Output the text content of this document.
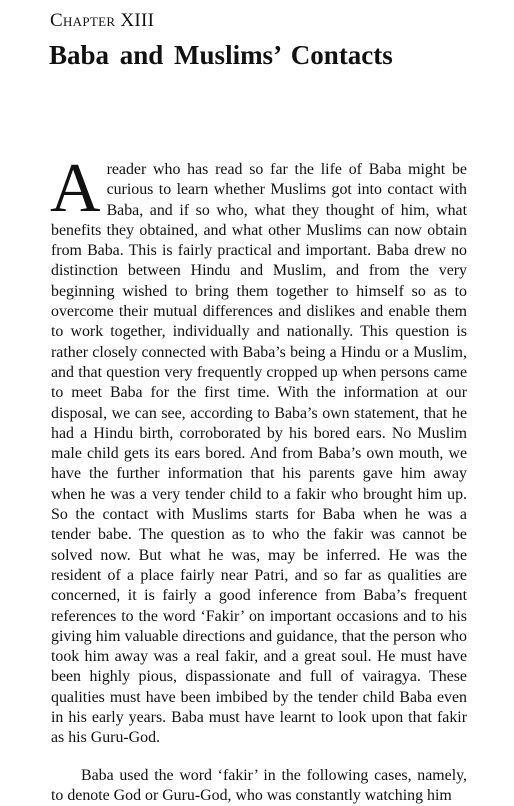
Chapter XIII
Baba and Muslims’ Contacts

Areader who has read so far the life of Baba might be curious to learn whether Muslims got into contact with Baba, and if so who, what they thought of him, what benefits they obtained, and what other Muslims can now obtain from Baba. This is fairly practical and important. Baba drew no distinction between Hindu and Muslim, and from the very beginning wished to bring them together to himself so as to overcome their mutual differences and dislikes and enable them to work together, individually and nationally. This question is rather closely connected with Baba’s being a Hindu or a Muslim, and that question very frequently cropped up when persons came to meet Baba for the first time. With the information at our disposal, we can see, according to Baba’s own statement, that he had a Hindu birth, corroborated by his bored ears. No Muslim male child gets its ears bored. And from Baba’s own mouth, we have the further information that his parents gave him away when he was a very tender child to a fakir who brought him up. So the contact with Muslims starts for Baba when he was a tender babe. The question as to who the fakir was cannot be solved now. But what he was, may be inferred. He was the resident of a place fairly near Patri, and so far as qualities are concerned, it is fairly a good inference from Baba’s frequent references to the word ‘Fakir’ on important occasions and to his giving him valuable directions and guidance, that the person who took him away was a real fakir, and a great soul. He must have been highly pious, dispassionate and full of vairagya. These qualities must have been imbibed by the tender child Baba even in his early years. Baba must have learnt to look upon that fakir as his Guru-God.

Baba used the word ‘fakir’ in the following cases, namely, to denote God or Guru-God, who was constantly watching him
